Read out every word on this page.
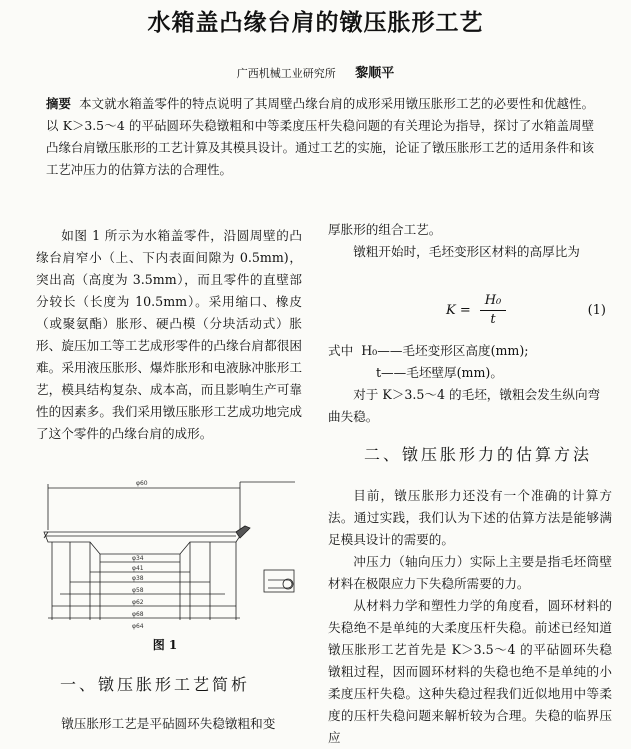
水箱盖凸缘台肩的镦压胀形工艺
广西机械工业研究所 黎顺平
摘要 本文就水箱盖零件的特点说明了其周壁凸缘台肩的成形采用镦压胀形工艺的必要性和优越性。以 K＞3.5～4 的平砧圆环失稳镦粗和中等柔度压杆失稳问题的有关理论为指导，探讨了水箱盖周壁凸缘台肩镦压胀形的工艺计算及其模具设计。通过工艺的实施，论证了镦压胀形工艺的适用条件和该工艺冲压力的估算方法的合理性。

如图 1 所示为水箱盖零件，沿圆周壁的凸缘台肩窄小（上、下内表面间隙为 0.5mm)，突出高（高度为 3.5mm），而且零件的直壁部分较长（长度为 10.5mm）。采用缩口、橡皮（或聚氨酯）胀形、硬凸模（分块活动式）胀形、旋压加工等工艺成形零件的凸缘台肩都很困难。采用液压胀形、爆炸胀形和电液脉冲胀形工艺，模具结构复杂、成本高，而且影响生产可靠性的因素多。我们采用镦压胀形工艺成功地完成了这个零件的凸缘台肩的成形。

φ60
φ34
φ41
φ38
φ58
φ62
φ68
φ64
图 1
一、镦压胀形工艺简析

镦压胀形工艺是平砧圆环失稳镦粗和变

厚胀形的组合工艺。

镦粗开始时，毛坯变形区材料的高厚比为

$K = \frac{\text{H₀}}{t}$	(1)
式中 H₀——毛坯变形区高度(mm);
t——毛坯壁厚(mm)。
对于 K＞3.5～4 的毛坯，镦粗会发生纵向弯曲失稳。
二、镦压胀形力的估算方法

目前，镦压胀形力还没有一个准确的计算方法。通过实践，我们认为下述的估算方法是能够满足模具设计的需要的。

冲压力（轴向压力）实际上主要是指毛坯筒壁材料在极限应力下失稳所需要的力。

从材料力学和塑性力学的角度看，圆环材料的失稳绝不是单纯的大柔度压杆失稳。前述已经知道镦压胀形工艺首先是 K＞3.5～4 的平砧圆环失稳镦粗过程，因而圆环材料的失稳也绝不是单纯的小柔度压杆失稳。这种失稳过程我们近似地用中等柔度的压杆失稳问题来解析较为合理。失稳的临界压应
